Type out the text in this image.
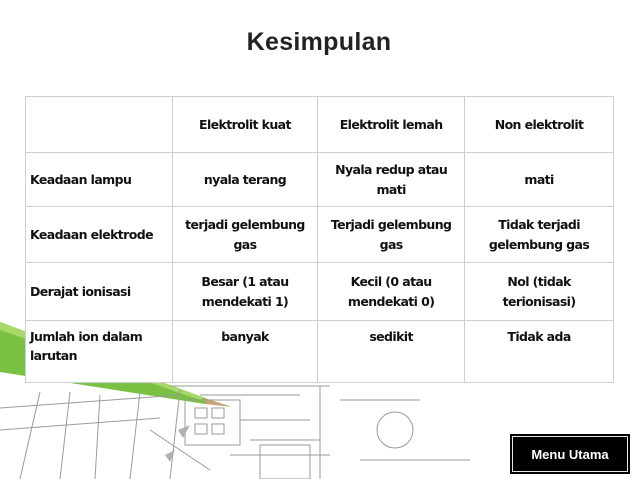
Kesimpulan
	Elektrolit kuat	Elektrolit lemah	Non elektrolit
Keadaan lampu	nyala terang	Nyala redup atau mati	mati
Keadaan elektrode	terjadi gelembung gas	Terjadi gelembung gas	Tidak terjadi gelembung gas
Derajat ionisasi	Besar (1 atau mendekati 1)	Kecil (0 atau mendekati 0)	Nol (tidak terionisasi)
Jumlah ion dalam larutan	banyak	sedikit	Tidak ada
Menu Utama
